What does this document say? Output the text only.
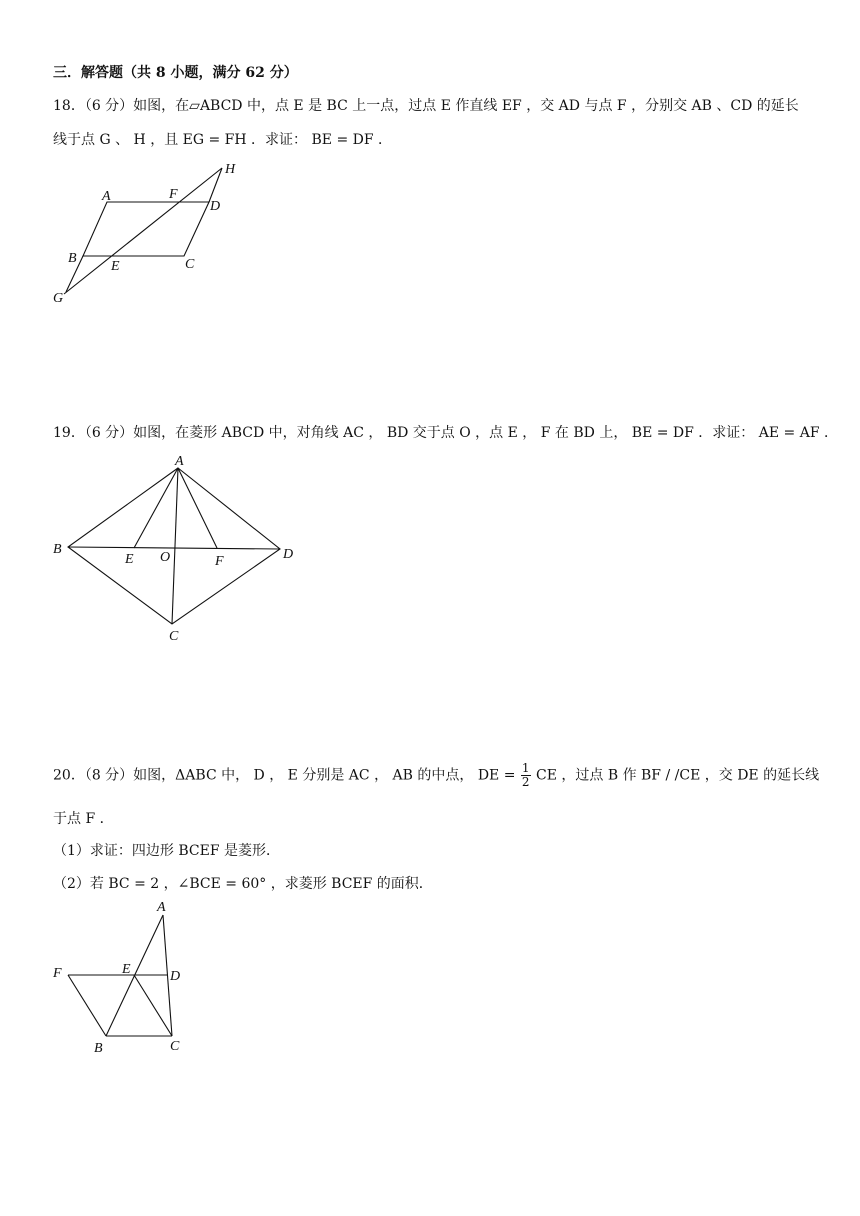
三．解答题（共 8 小题，满分 62 分）
18．（6 分）如图，在▱ABCD 中，点 E 是 BC 上一点，过点 E 作直线 EF ，交 AD 与点 F ，分别交 AB 、CD 的延长
线于点 G 、 H ，且 EG = FH ．求证： BE = DF ．
A	F
D
H
B
E	C
G
19．（6 分）如图，在菱形 ABCD 中，对角线 AC ， BD 交于点 O ，点 E ， F 在 BD 上， BE = DF ．求证： AE = AF ．
A
B
E O	F	D
C
20．（8 分）如图，ΔABC 中， D ， E 分别是 AC ， AB 的中点， DE = $\frac{1}{2}$ CE ，过点 B 作 BF / /CE ，交 DE 的延长线
于点 F ．
（1）求证：四边形 BCEF 是菱形．
（2）若 BC = 2 ，∠BCE = 60° ，求菱形 BCEF 的面积．
A
F	E	D
B	C
